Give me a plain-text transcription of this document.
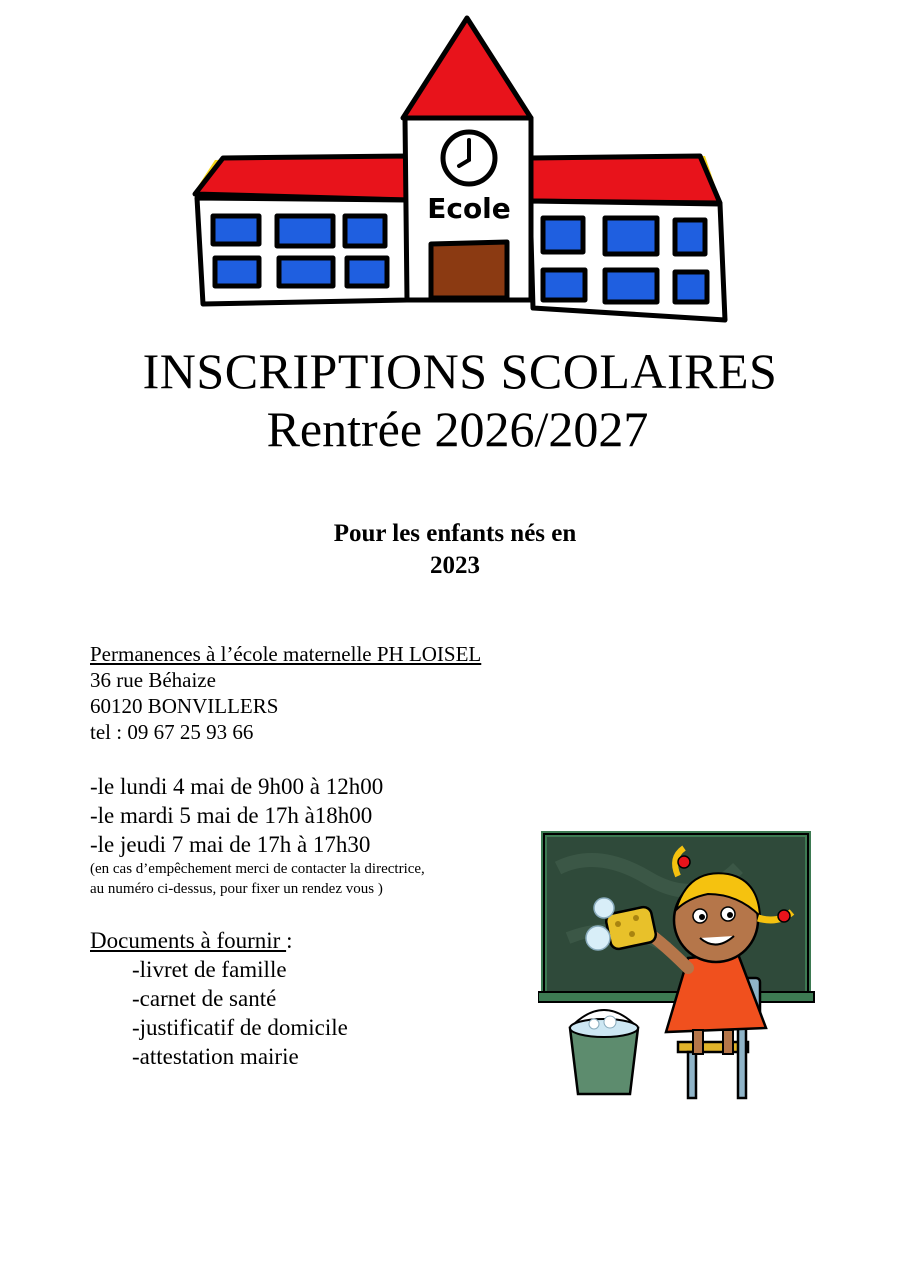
Ecole
INSCRIPTIONS SCOLAIRES
Rentrée 2026/2027
Pour les enfants nés en
2023
Permanences à l’école maternelle PH LOISEL
36 rue Béhaize
60120 BONVILLERS
tel : 09 67 25 93 66
-le lundi 4 mai de 9h00 à 12h00
-le mardi 5 mai de 17h à18h00
-le jeudi 7 mai de 17h à 17h30
(en cas d’empêchement merci de contacter la directrice,
au numéro ci-dessus, pour fixer un rendez vous )
Documents à fournir :
-livret de famille
-carnet de santé
-justificatif de domicile
-attestation mairie
